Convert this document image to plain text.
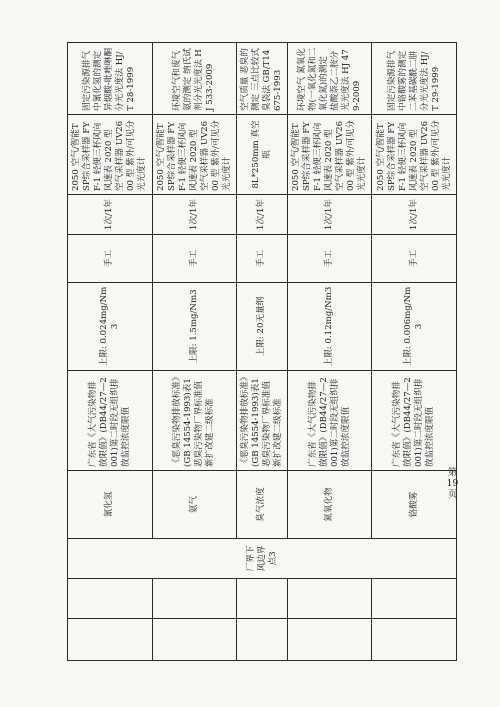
		厂界下风边界点3	氰化氢	广东省《大气污染物排放限值》(DB44/27—2001)第二时段无组织排放监控浓度限值	上限: 0.024mg/Nm3	手工	1次/1年	2050 空气/智能TSP综合采样器 FYF-1 轻便三杯风向风速表 2020 型 空气采样器 UV2600 型 紫外/可见分光光度计	固定污染源排气中氰化氢的测定 异烟酸-吡唑啉酮分光光度法 HJ/T 28-1999
			氨气	《恶臭污染物排放标准》(GB 14554-1993)表1恶臭污染物厂界标准值新扩改建二级标准	上限: 1.5mg/Nm3	手工	1次/1年	2050 空气/智能TSP综合采样器 FYF-1 轻便三杯风向风速表 2020 型 空气采样器 UV2600 型 紫外/可见分光光度计	环境空气和废气 氨的测定 纳氏试剂分光光度法 HJ 533-2009
			臭气浓度	《恶臭污染物排放标准》(GB 14554-1993)表1恶臭污染物厂界标准值新扩改建二级标准	上限: 20无量纲	手工	1次/1年	8L*250mm 真空瓶	空气质量 恶臭的测定 三点比较式臭袋法 GB/T14675-1993
			氮氧化物	广东省《大气污染物排放限值》(DB44/27—2001)第二时段无组织排放监控浓度限值	上限: 0.12mg/Nm3	手工	1次/1年	2050 空气/智能TSP综合采样器 FYF-1 轻便三杯风向风速表 2020 型 空气采样器 UV2600 型 紫外/可见分光光度计	环境空气 氮氧化物(一氧化氮和二氧化氮)的测定 盐酸萘乙二胺分光光度法 HJ 479-2009
			铬酸雾	广东省《大气污染物排放限值》(DB44/27—2001)第二时段无组织排放监控浓度限值	上限: 0.006mg/Nm3	手工	1次/1年	2050 空气/智能TSP综合采样器 FYF-1 轻便三杯风向风速表 2020 型 空气采样器 UV2600 型 紫外/可见分光光度计	固定污染源排气中铬酸雾的测定 二苯基碳酰二肼分光光度法 HJ/T 29-1999
第 19 页
